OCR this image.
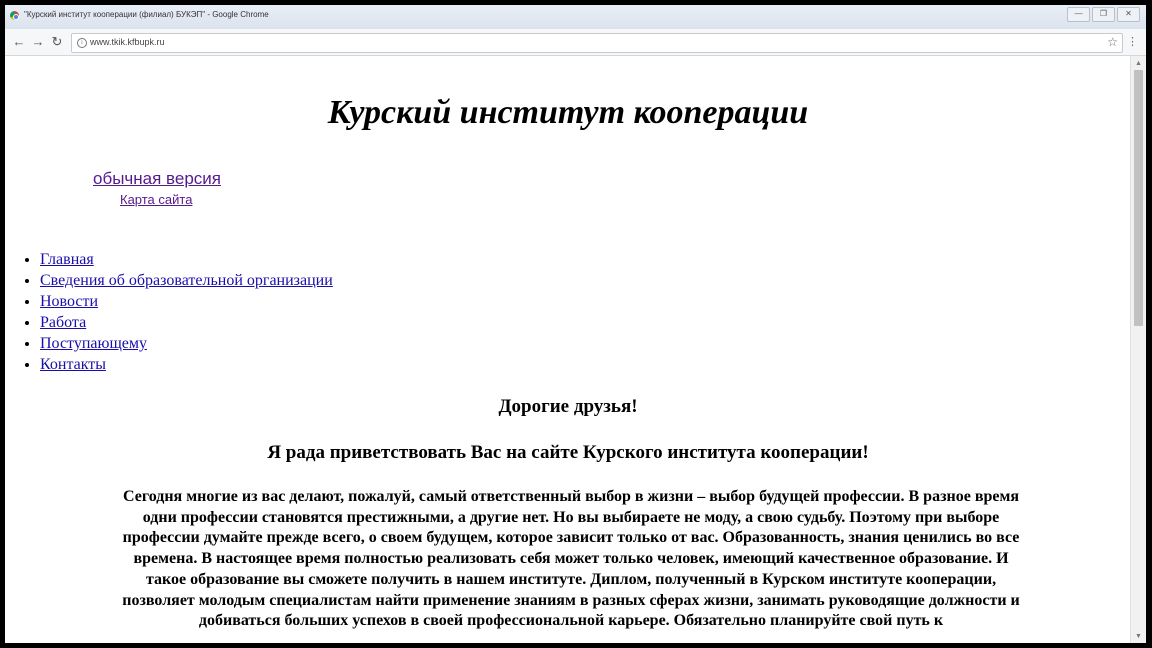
"Курский институт кооперации (филиал) БУКЭП" - Google Chrome	—	❐	✕
← → ↻	i
www.tkik.kfbupk.ru	☆ ⋮
Курский институт кооперации
обычная версия
Карта сайта
• Главная
• Сведения об образовательной организации
• Новости
• Работа
• Поступающему
• Контакты

Дорогие друзья!

Я рада приветствовать Вас на сайте Курского института кооперации!

Сегодня многие из вас делают, пожалуй, самый ответственный выбор в жизни – выбор будущей профессии. В разное время одни профессии становятся престижными, а другие нет. Но вы выбираете не моду, а свою судьбу. Поэтому при выборе профессии думайте прежде всего, о своем будущем, которое зависит только от вас. Образованность, знания ценились во все времена. В настоящее время полностью реализовать себя может только человек, имеющий качественное образование. И такое образование вы сможете получить в нашем институте. Диплом, полученный в Курском институте кооперации, позволяет молодым специалистам найти применение знаниям в разных сферах жизни, занимать руководящие должности и добиваться больших успехов в своей профессиональной карьере. Обязательно планируйте свой путь к

▲
▼
